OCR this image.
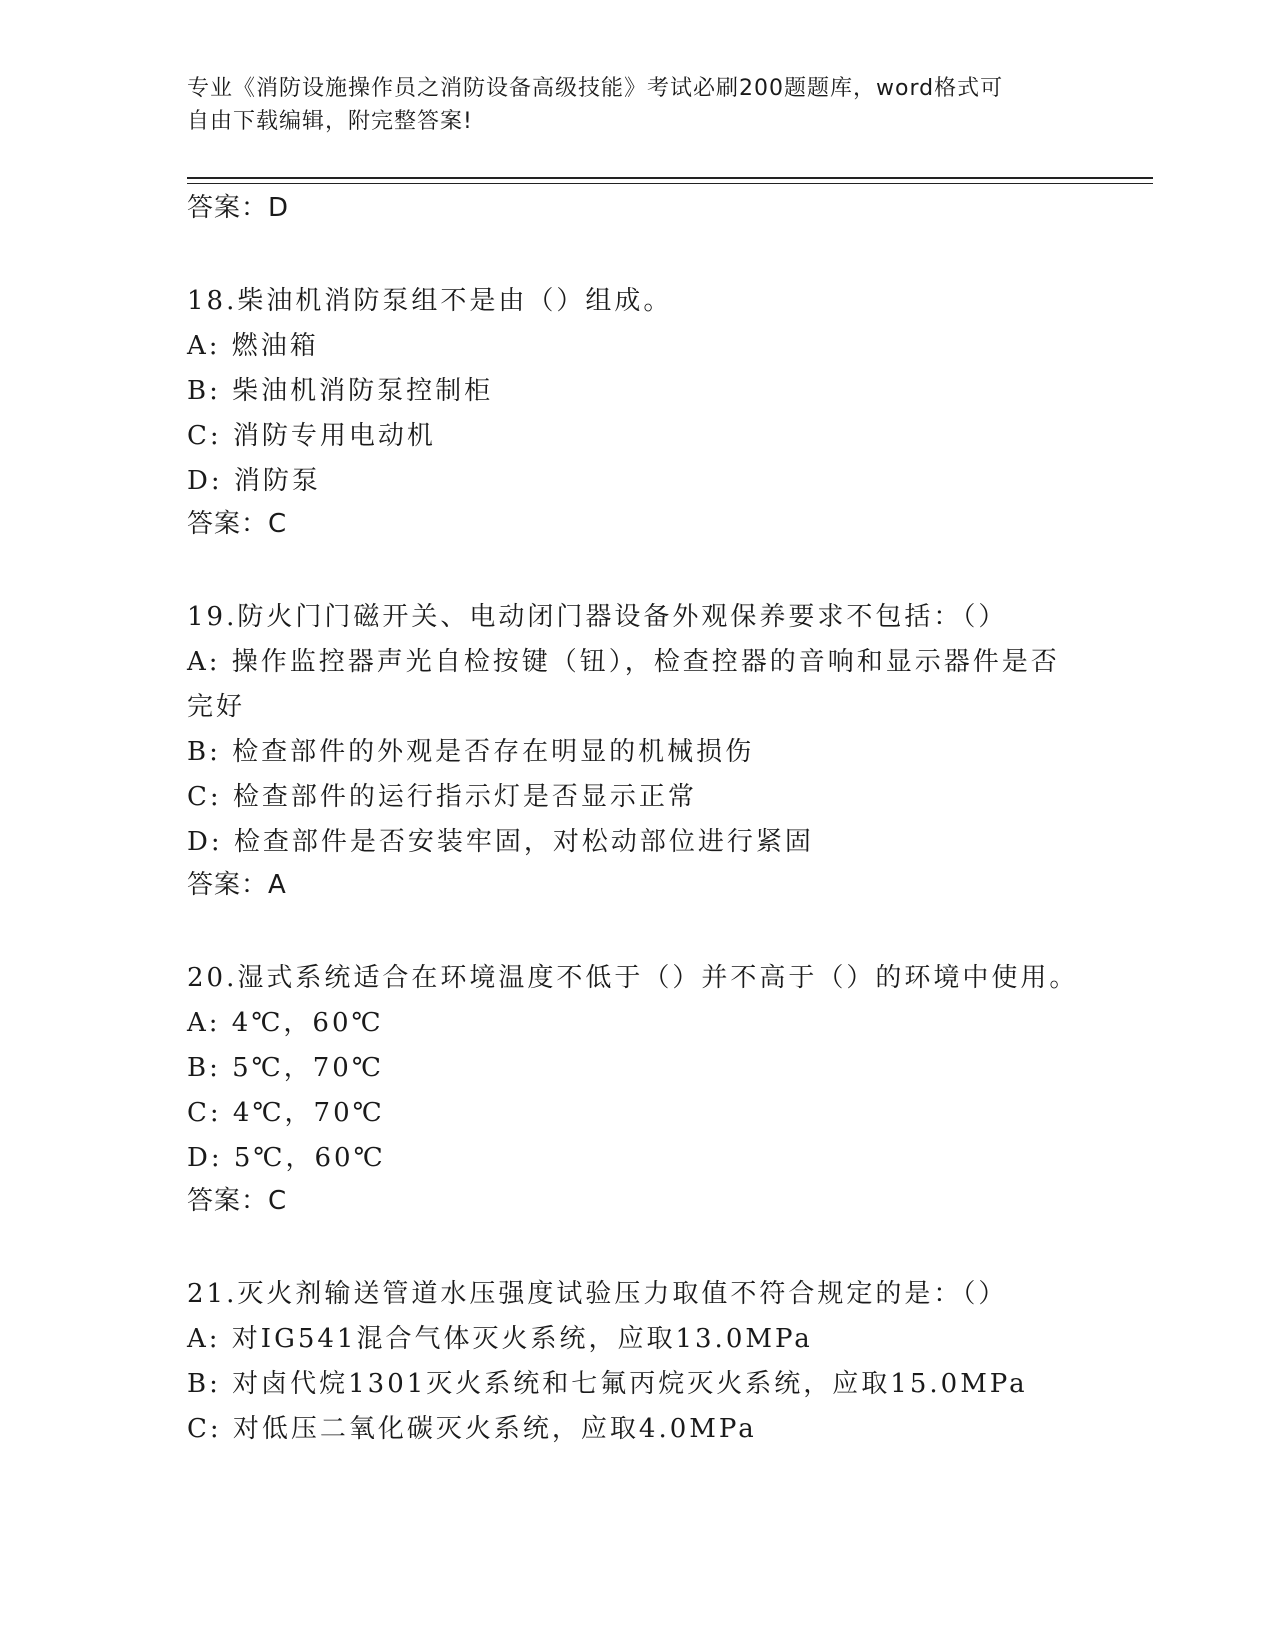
专业《消防设施操作员之消防设备高级技能》考试必刷200题题库，word格式可
自由下载编辑，附完整答案!
答案：D
18.柴油机消防泵组不是由（）组成。
A: 燃油箱
B: 柴油机消防泵控制柜
C: 消防专用电动机
D: 消防泵
答案：C
19.防火门门磁开关、电动闭门器设备外观保养要求不包括：（）
A: 操作监控器声光自检按键（钮），检查控器的音响和显示器件是否
完好
B: 检查部件的外观是否存在明显的机械损伤
C: 检查部件的运行指示灯是否显示正常
D: 检查部件是否安装牢固，对松动部位进行紧固
答案：A
20.湿式系统适合在环境温度不低于（）并不高于（）的环境中使用。
A: 4℃，60℃
B: 5℃，70℃
C: 4℃，70℃
D: 5℃，60℃
答案：C
21.灭火剂输送管道水压强度试验压力取值不符合规定的是：（）
A: 对IG541混合气体灭火系统，应取13.0MPa
B: 对卤代烷1301灭火系统和七氟丙烷灭火系统，应取15.0MPa
C: 对低压二氧化碳灭火系统，应取4.0MPa
